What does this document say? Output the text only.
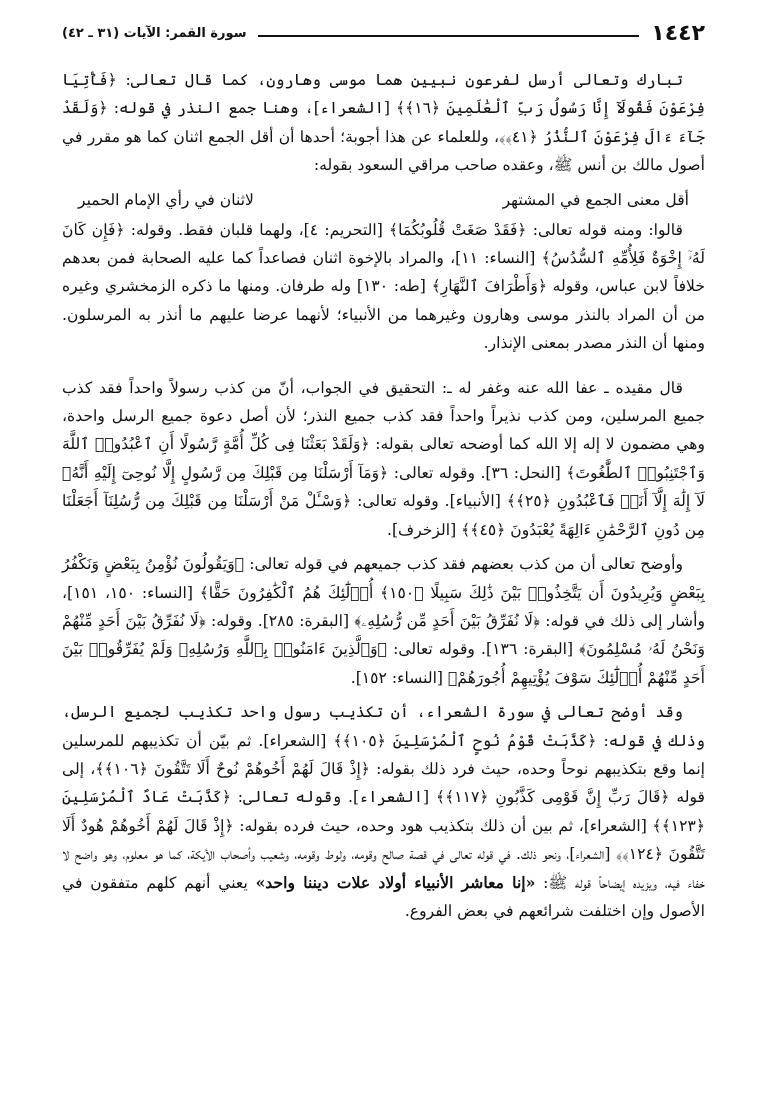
١٤٤٢
سورة القمر: الآيات (٣١ ـ ٤٢)

تبارك وتعالى أرسل لفرعون نبيين هما موسى وهارون، كما قال تعالى: ﴿فَأْتِيَا فِرْعَوْنَ فَقُولَآ إِنَّا رَسُولُ رَبِّ ٱلْعَٰلَمِينَ ﴿١٦﴾﴾ [الشعراء]، وهنا جمع النذر في قوله: ﴿وَلَقَدْ جَآءَ ءَالَ فِرْعَوْنَ ٱلنُّذُرُ ﴿٤١﴾﴾، وللعلماء عن هذا أجوبة؛ أحدها أن أقل الجمع اثنان كما هو مقرر في أصول مالك بن أنس ﷺ، وعقده صاحب مراقي السعود بقوله:

أقل معنى الجمع في المشتهر
لاثنان في رأي الإمام الحمير

قالوا: ومنه قوله تعالى: ﴿فَقَدْ صَغَتْ قُلُوبُكُمَا﴾ [التحريم: ٤]، ولهما قلبان فقط. وقوله: ﴿فَإِن كَانَ لَهُۥٓ إِخْوَةٌ فَلِأُمِّهِ ٱلسُّدُسُ﴾ [النساء: ١١]، والمراد بالإخوة اثنان فصاعداً كما عليه الصحابة فمن بعدهم خلافاً لابن عباس، وقوله ﴿وَأَطْرَافَ ٱلنَّهَارِ﴾ [طه: ١٣٠] وله طرفان. ومنها ما ذكره الزمخشري وغيره من أن المراد بالنذر موسى وهارون وغيرهما من الأنبياء؛ لأنهما عرضا عليهم ما أنذر به المرسلون. ومنها أن النذر مصدر بمعنى الإنذار.

قال مقيده ـ عفا الله عنه وغفر له ـ: التحقيق في الجواب، أنّ من كذب رسولاً واحداً فقد كذب جميع المرسلين، ومن كذب نذيراً واحداً فقد كذب جميع النذر؛ لأن أصل دعوة جميع الرسل واحدة، وهي مضمون لا إله إلا الله كما أوضحه تعالى بقوله: ﴿وَلَقَدْ بَعَثْنَا فِى كُلِّ أُمَّةٍ رَّسُولًا أَنِ ٱعْبُدُوا۟ ٱللَّهَ وَٱجْتَنِبُوا۟ ٱلطَّٰغُوتَ﴾ [النحل: ٣٦]. وقوله تعالى: ﴿وَمَآ أَرْسَلْنَا مِن قَبْلِكَ مِن رَّسُولٍ إِلَّا نُوحِىٓ إِلَيْهِ أَنَّهُۥ لَآ إِلَٰهَ إِلَّآ أَنَا۠ فَٱعْبُدُونِ ﴿٢٥﴾﴾ [الأنبياء]. وقوله تعالى: ﴿وَسْـَٔلْ مَنْ أَرْسَلْنَا مِن قَبْلِكَ مِن رُّسُلِنَآ أَجَعَلْنَا مِن دُونِ ٱلرَّحْمَٰنِ ءَالِهَةً يُعْبَدُونَ ﴿٤٥﴾﴾ [الزخرف].

وأوضح تعالى أن من كذب بعضهم فقد كذب جميعهم في قوله تعالى: ﴿وَيَقُولُونَ نُؤْمِنُ بِبَعْضٍ وَنَكْفُرُ بِبَعْضٍ وَيُرِيدُونَ أَن يَتَّخِذُوا۟ بَيْنَ ذَٰلِكَ سَبِيلًا ﴿١٥٠﴾ أُو۟لَٰٓئِكَ هُمُ ٱلْكَٰفِرُونَ حَقًّا﴾ [النساء: ١٥٠، ١٥١]، وأشار إلى ذلك في قوله: ﴿لَا نُفَرِّقُ بَيْنَ أَحَدٍ مِّن رُّسُلِهِۦ﴾ [البقرة: ٢٨٥]. وقوله: ﴿لَا نُفَرِّقُ بَيْنَ أَحَدٍ مِّنْهُمْ وَنَحْنُ لَهُۥ مُسْلِمُونَ﴾ [البقرة: ١٣٦]. وقوله تعالى: ﴿وَٱلَّذِينَ ءَامَنُوا۟ بِٱللَّهِ وَرُسُلِهِۦ وَلَمْ يُفَرِّقُوا۟ بَيْنَ أَحَدٍ مِّنْهُمْ أُو۟لَٰٓئِكَ سَوْفَ يُؤْتِيهِمْ أُجُورَهُمْ﴾ [النساء: ١٥٢].

وقد أوضح تعالى في سورة الشعراء، أن تكذيب رسول واحد تكذيب لجميع الرسل، وذلك في قوله: ﴿كَذَّبَتْ قَوْمُ نُوحٍ ٱلْمُرْسَلِينَ ﴿١٠٥﴾﴾ [الشعراء]. ثم بيّن أن تكذيبهم للمرسلين إنما وقع بتكذيبهم نوحاً وحده، حيث فرد ذلك بقوله: ﴿إِذْ قَالَ لَهُمْ أَخُوهُمْ نُوحٌ أَلَا تَتَّقُونَ ﴿١٠٦﴾﴾، إلى قوله ﴿قَالَ رَبِّ إِنَّ قَوْمِى كَذَّبُونِ ﴿١١٧﴾﴾ [الشعراء]. وقوله تعالى: ﴿كَذَّبَتْ عَادٌ ٱلْمُرْسَلِينَ ﴿١٢٣﴾﴾ [الشعراء]، ثم بين أن ذلك بتكذيب هود وحده، حيث فرده بقوله: ﴿إِذْ قَالَ لَهُمْ أَخُوهُمْ هُودٌ أَلَا تَتَّقُونَ ﴿١٢٤﴾﴾ [الشعراء]، ونحو ذلك. في قوله تعالى في قصة صالح وقومه، ولوط وقومه، وشعيب وأصحاب الأيكة، كما هو معلوم، وهو واضح لا خفاء فيه، ويزيده إيضاحاً قوله ﷺ: «إنا معاشر الأنبياء أولاد علات ديننا واحد» يعني أنهم كلهم متفقون في الأصول وإن اختلفت شرائعهم في بعض الفروع.
